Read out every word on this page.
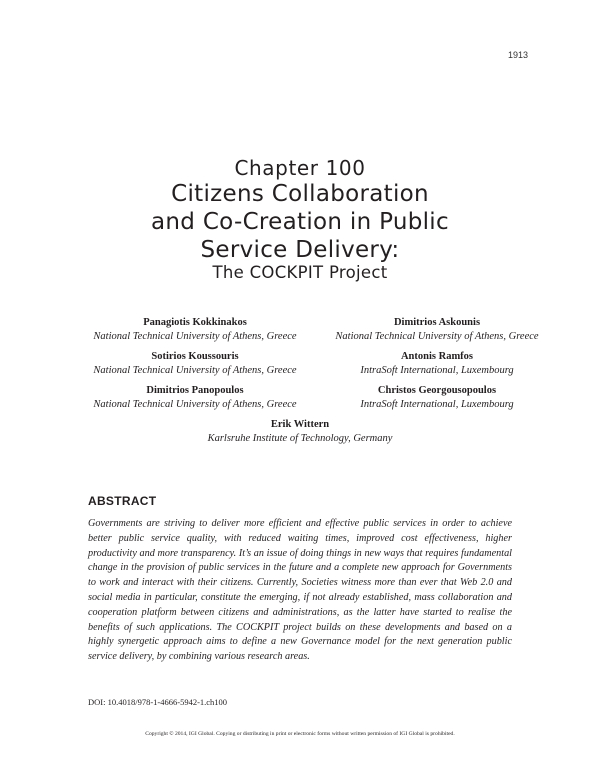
1913
Chapter 100
Citizens Collaboration
and Co-Creation in Public
Service Delivery:
The COCKPIT Project
Panagiotis Kokkinakos
National Technical University of Athens, Greece
Dimitrios Askounis
National Technical University of Athens, Greece
Sotirios Koussouris
National Technical University of Athens, Greece
Antonis Ramfos
IntraSoft International, Luxembourg
Dimitrios Panopoulos
National Technical University of Athens, Greece
Christos Georgousopoulos
IntraSoft International, Luxembourg
Erik Wittern
Karlsruhe Institute of Technology, Germany
ABSTRACT
Governments are striving to deliver more efficient and effective public services in order to achieve better public service quality, with reduced waiting times, improved cost effectiveness, higher productivity and more transparency. It’s an issue of doing things in new ways that requires fundamental change in the provision of public services in the future and a complete new approach for Governments to work and interact with their citizens. Currently, Societies witness more than ever that Web 2.0 and social media in particular, constitute the emerging, if not already established, mass collaboration and cooperation platform between citizens and administrations, as the latter have started to realise the benefits of such applications. The COCKPIT project builds on these developments and based on a highly synergetic approach aims to define a new Governance model for the next generation public service delivery, by combining various research areas.
DOI: 10.4018/978-1-4666-5942-1.ch100
Copyright © 2014, IGI Global. Copying or distributing in print or electronic forms without written permission of IGI Global is prohibited.
